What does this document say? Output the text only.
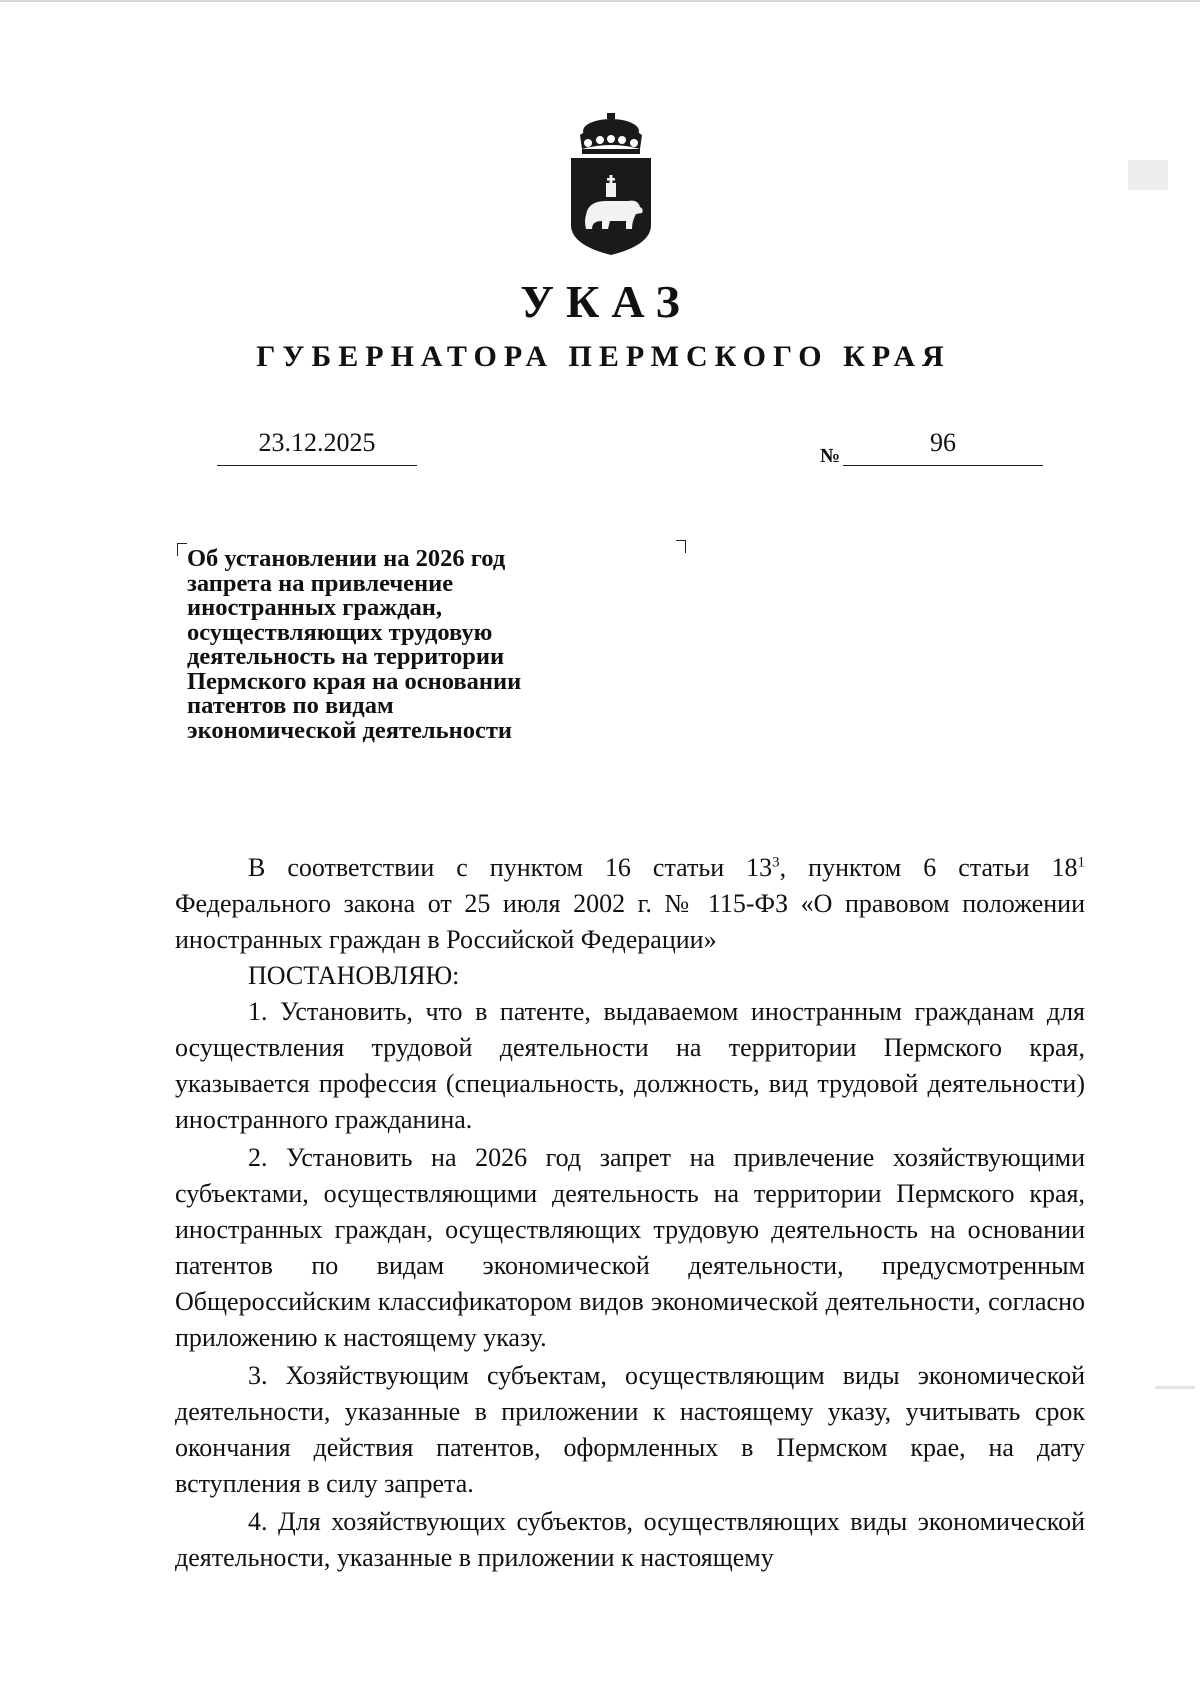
УКАЗ
ГУБЕРНАТОРА ПЕРМСКОГО КРАЯ
23.12.2025	№	96
Об установлении на 2026 год
запрета на привлечение
иностранных граждан,
осуществляющих трудовую
деятельность на территории
Пермского края на основании
патентов по видам
экономической деятельности

В соответствии с пунктом 16 статьи $13^3$, пунктом 6 статьи $18^1$ Федерального закона от 25 июля 2002 г. № 115-ФЗ «О правовом положении иностранных граждан в Российской Федерации»

ПОСТАНОВЛЯЮ:

1. Установить, что в патенте, выдаваемом иностранным гражданам для осуществления трудовой деятельности на территории Пермского края, указывается профессия (специальность, должность, вид трудовой деятельности) иностранного гражданина.

2. Установить на 2026 год запрет на привлечение хозяйствующими субъектами, осуществляющими деятельность на территории Пермского края, иностранных граждан, осуществляющих трудовую деятельность на основании патентов по видам экономической деятельности, предусмотренным Общероссийским классификатором видов экономической деятельности, согласно приложению к настоящему указу.

3. Хозяйствующим субъектам, осуществляющим виды экономической деятельности, указанные в приложении к настоящему указу, учитывать срок окончания действия патентов, оформленных в Пермском крае, на дату вступления в силу запрета.

4. Для хозяйствующих субъектов, осуществляющих виды экономической деятельности, указанные в приложении к настоящему
